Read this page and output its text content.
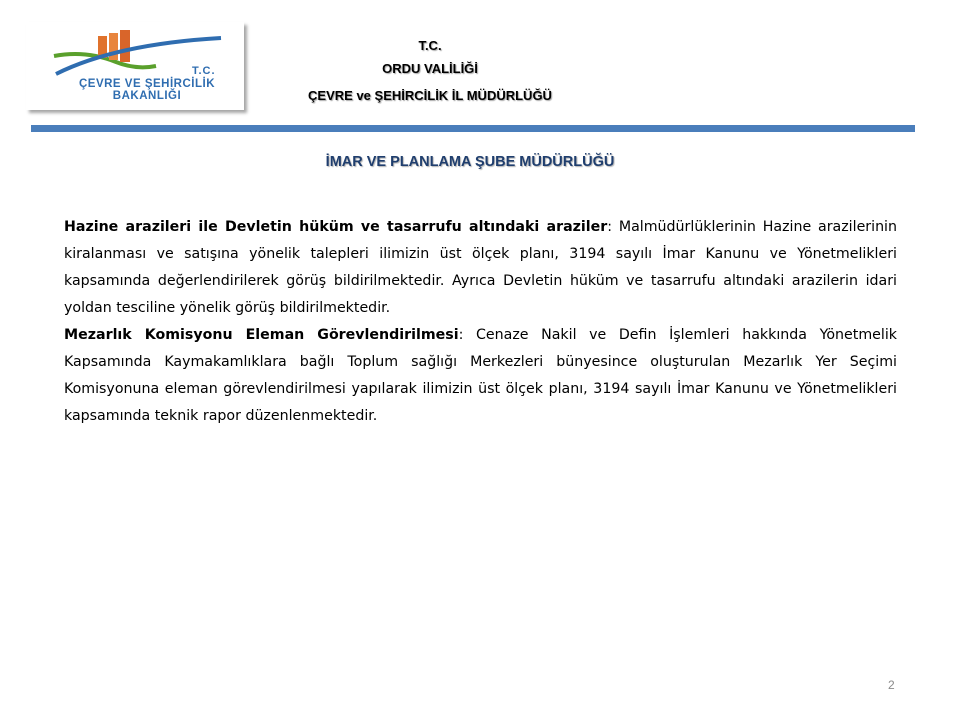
T.C.
ÇEVRE VE ŞEHİRCİLİK
BAKANLIĞI
T.C.
ORDU VALİLİĞİ
ÇEVRE ve ŞEHİRCİLİK İL MÜDÜRLÜĞÜ
İMAR VE PLANLAMA ŞUBE MÜDÜRLÜĞÜ

Hazine arazileri ile Devletin hüküm ve tasarrufu altındaki araziler: Malmüdürlüklerinin Hazine arazilerinin kiralanması ve satışına yönelik talepleri ilimizin üst ölçek planı, 3194 sayılı İmar Kanunu ve Yönetmelikleri kapsamında değerlendirilerek görüş bildirilmektedir. Ayrıca Devletin hüküm ve tasarrufu altındaki arazilerin idari yoldan tesciline yönelik görüş bildirilmektedir.

Mezarlık Komisyonu Eleman Görevlendirilmesi: Cenaze Nakil ve Defin İşlemleri hakkında Yönetmelik Kapsamında Kaymakamlıklara bağlı Toplum sağlığı Merkezleri bünyesince oluşturulan Mezarlık Yer Seçimi Komisyonuna eleman görevlendirilmesi yapılarak ilimizin üst ölçek planı, 3194 sayılı İmar Kanunu ve Yönetmelikleri kapsamında teknik rapor düzenlenmektedir.

2
